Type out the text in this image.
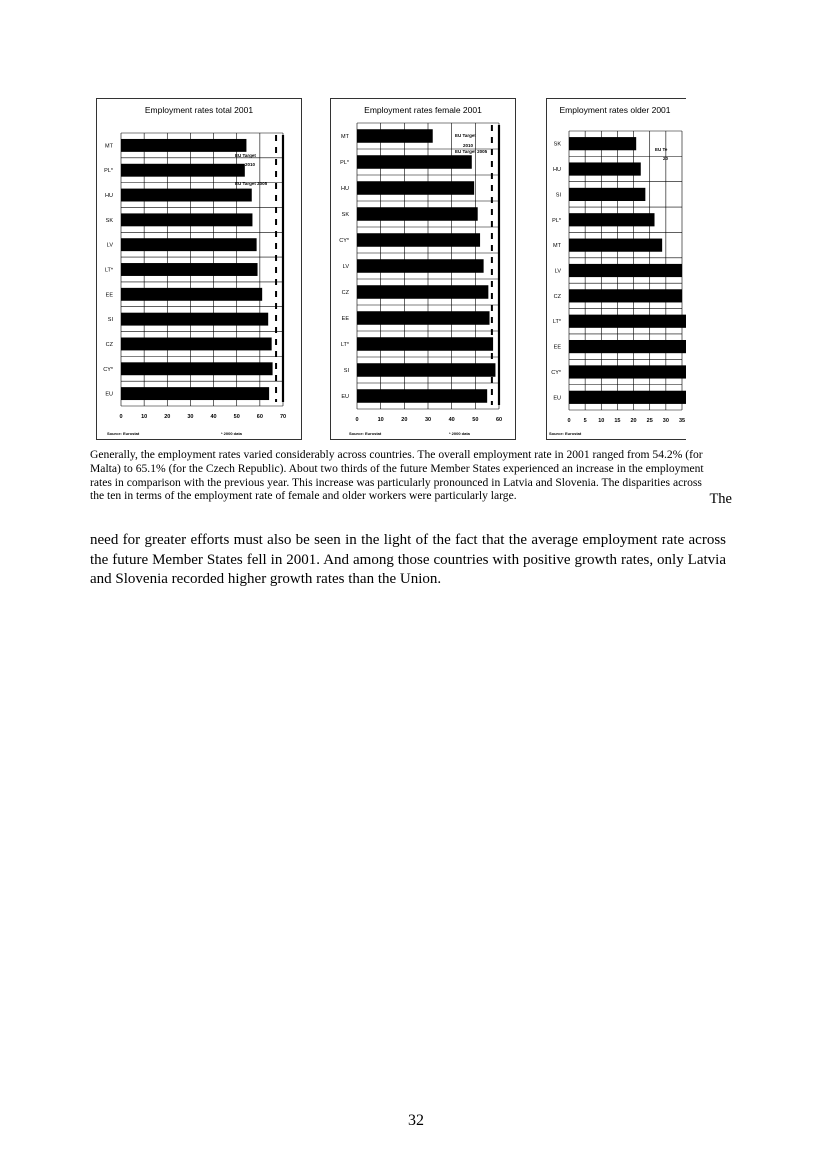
Employment rates total 2001
Source: Eurostat	* 2000 data
0	10	20	30	40	50	60	70
MT
PL*
HU
SK
LV
LT*
EE
SI
CZ
CY*
EU
EU Target
2010
EU Target 2005
Employment rates female 2001
Source: Eurostat	* 2000 data
0	10	20	30	40	50	60
MT
PL*
HU
SK
CY*
LV
CZ
EE
LT*
SI
EU
EU Target
2010
EU Target 2005
Employment rates older 2001
Source: Eurostat
0 5 10 15 20 25 30 35
SK
HU
SI
PL*
MT
LV
CZ
LT*
EE
CY*
EU
EU Te
20
Generally, the employment rates varied considerably across countries. The overall employment rate in 2001 ranged from 54.2% (for Malta) to 65.1% (for the Czech Republic). About two thirds of the future Member States experienced an increase in the employment rates in comparison with the previous year. This increase was particularly pronounced in Latvia and Slovenia. The disparities across the ten in terms of the employment rate of female and older workers were particularly large.	The
need for greater efforts must also be seen in the light of the fact that the average employment rate across the future Member States fell in 2001. And among those countries with positive growth rates, only Latvia and Slovenia recorded higher growth rates than the Union.
32
